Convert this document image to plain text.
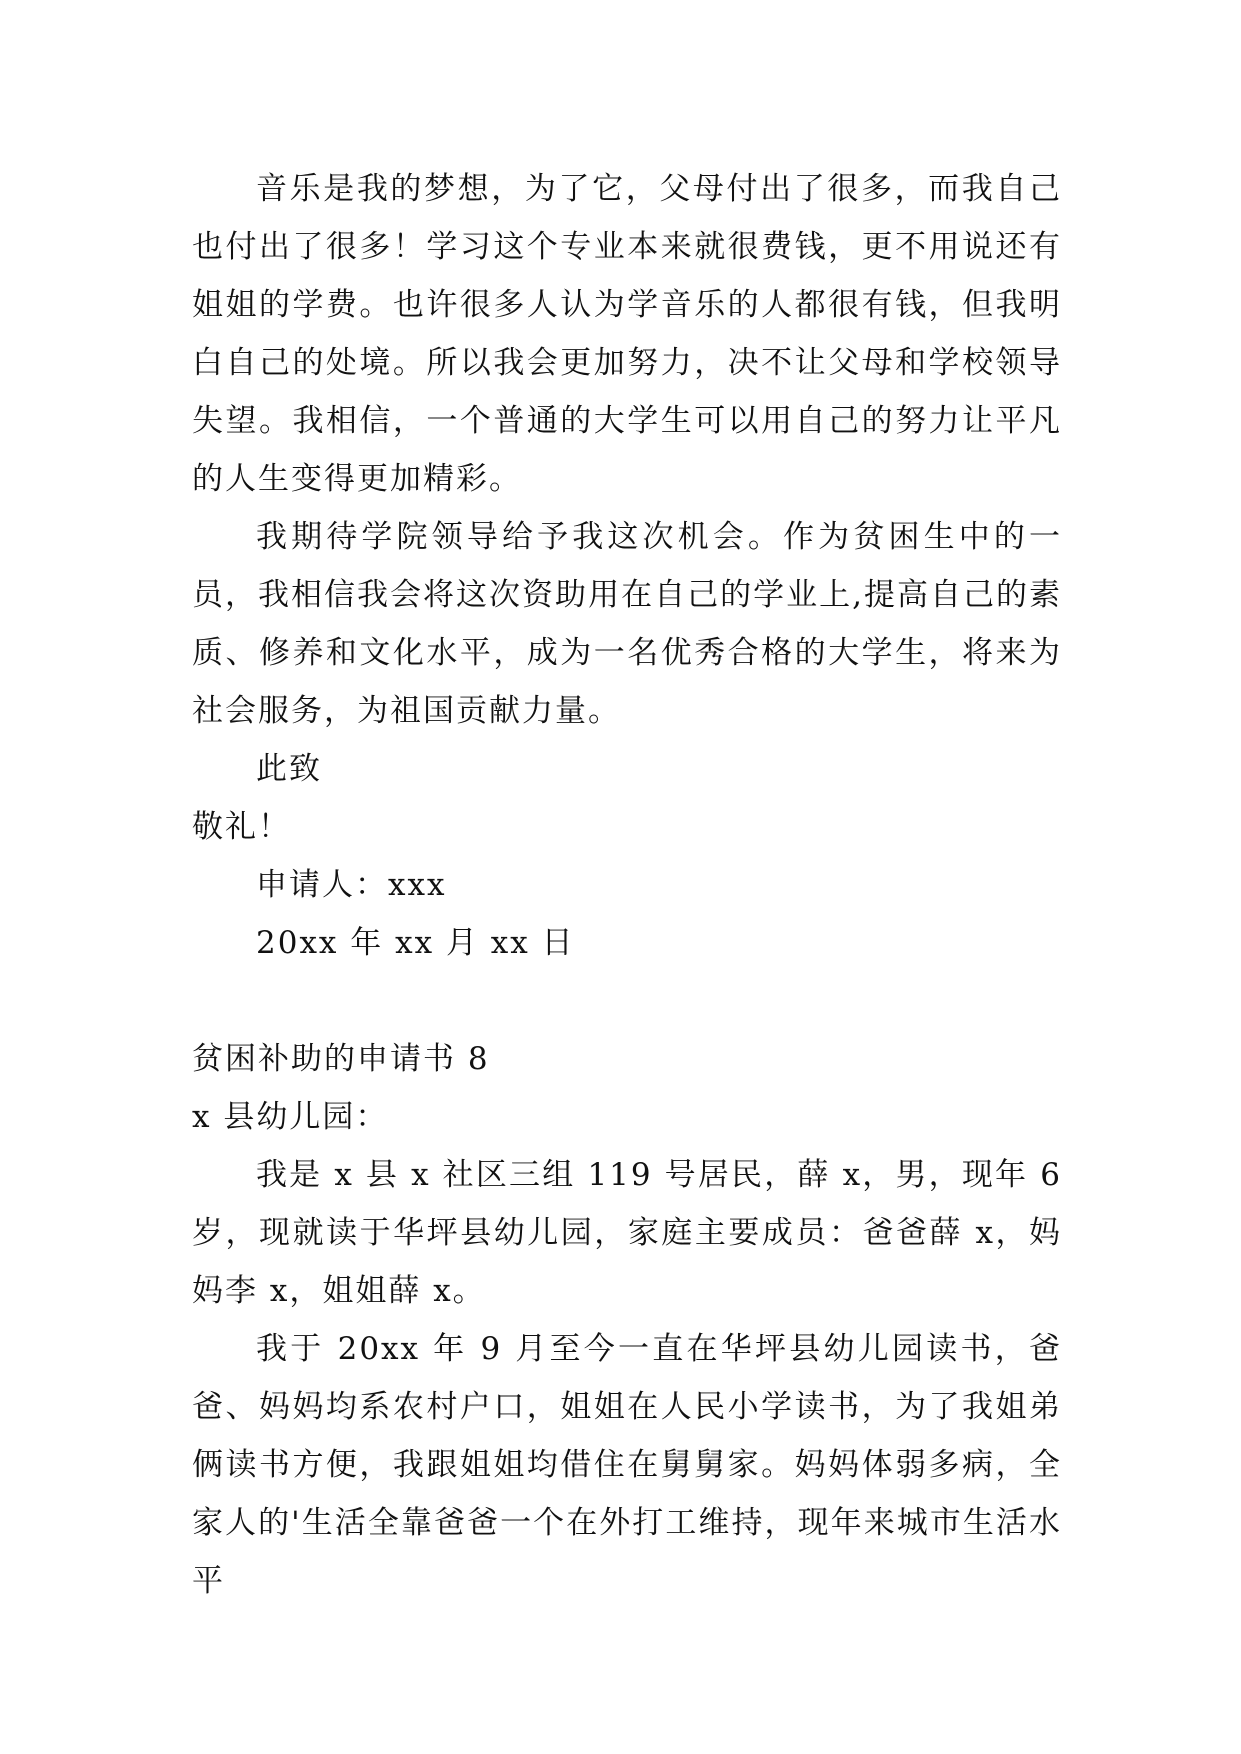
音乐是我的梦想，为了它，父母付出了很多，而我自己也付出了很多！学习这个专业本来就很费钱，更不用说还有姐姐的学费。也许很多人认为学音乐的人都很有钱，但我明白自己的处境。所以我会更加努力，决不让父母和学校领导失望。我相信，一个普通的大学生可以用自己的努力让平凡的人生变得更加精彩。

我期待学院领导给予我这次机会。作为贫困生中的一员，我相信我会将这次资助用在自己的学业上,提高自己的素质、修养和文化水平，成为一名优秀合格的大学生，将来为社会服务，为祖国贡献力量。

此致

敬礼！

申请人：xxx

20xx 年 xx 月 xx 日

贫困补助的申请书 8

x 县幼儿园：

我是 x 县 x 社区三组 119 号居民，薛 x，男，现年 6 岁，现就读于华坪县幼儿园，家庭主要成员：爸爸薛 x，妈妈李 x，姐姐薛 x。

我于 20xx 年 9 月至今一直在华坪县幼儿园读书，爸爸、妈妈均系农村户口，姐姐在人民小学读书，为了我姐弟俩读书方便，我跟姐姐均借住在舅舅家。妈妈体弱多病，全家人的'生活全靠爸爸一个在外打工维持，现年来城市生活水平
